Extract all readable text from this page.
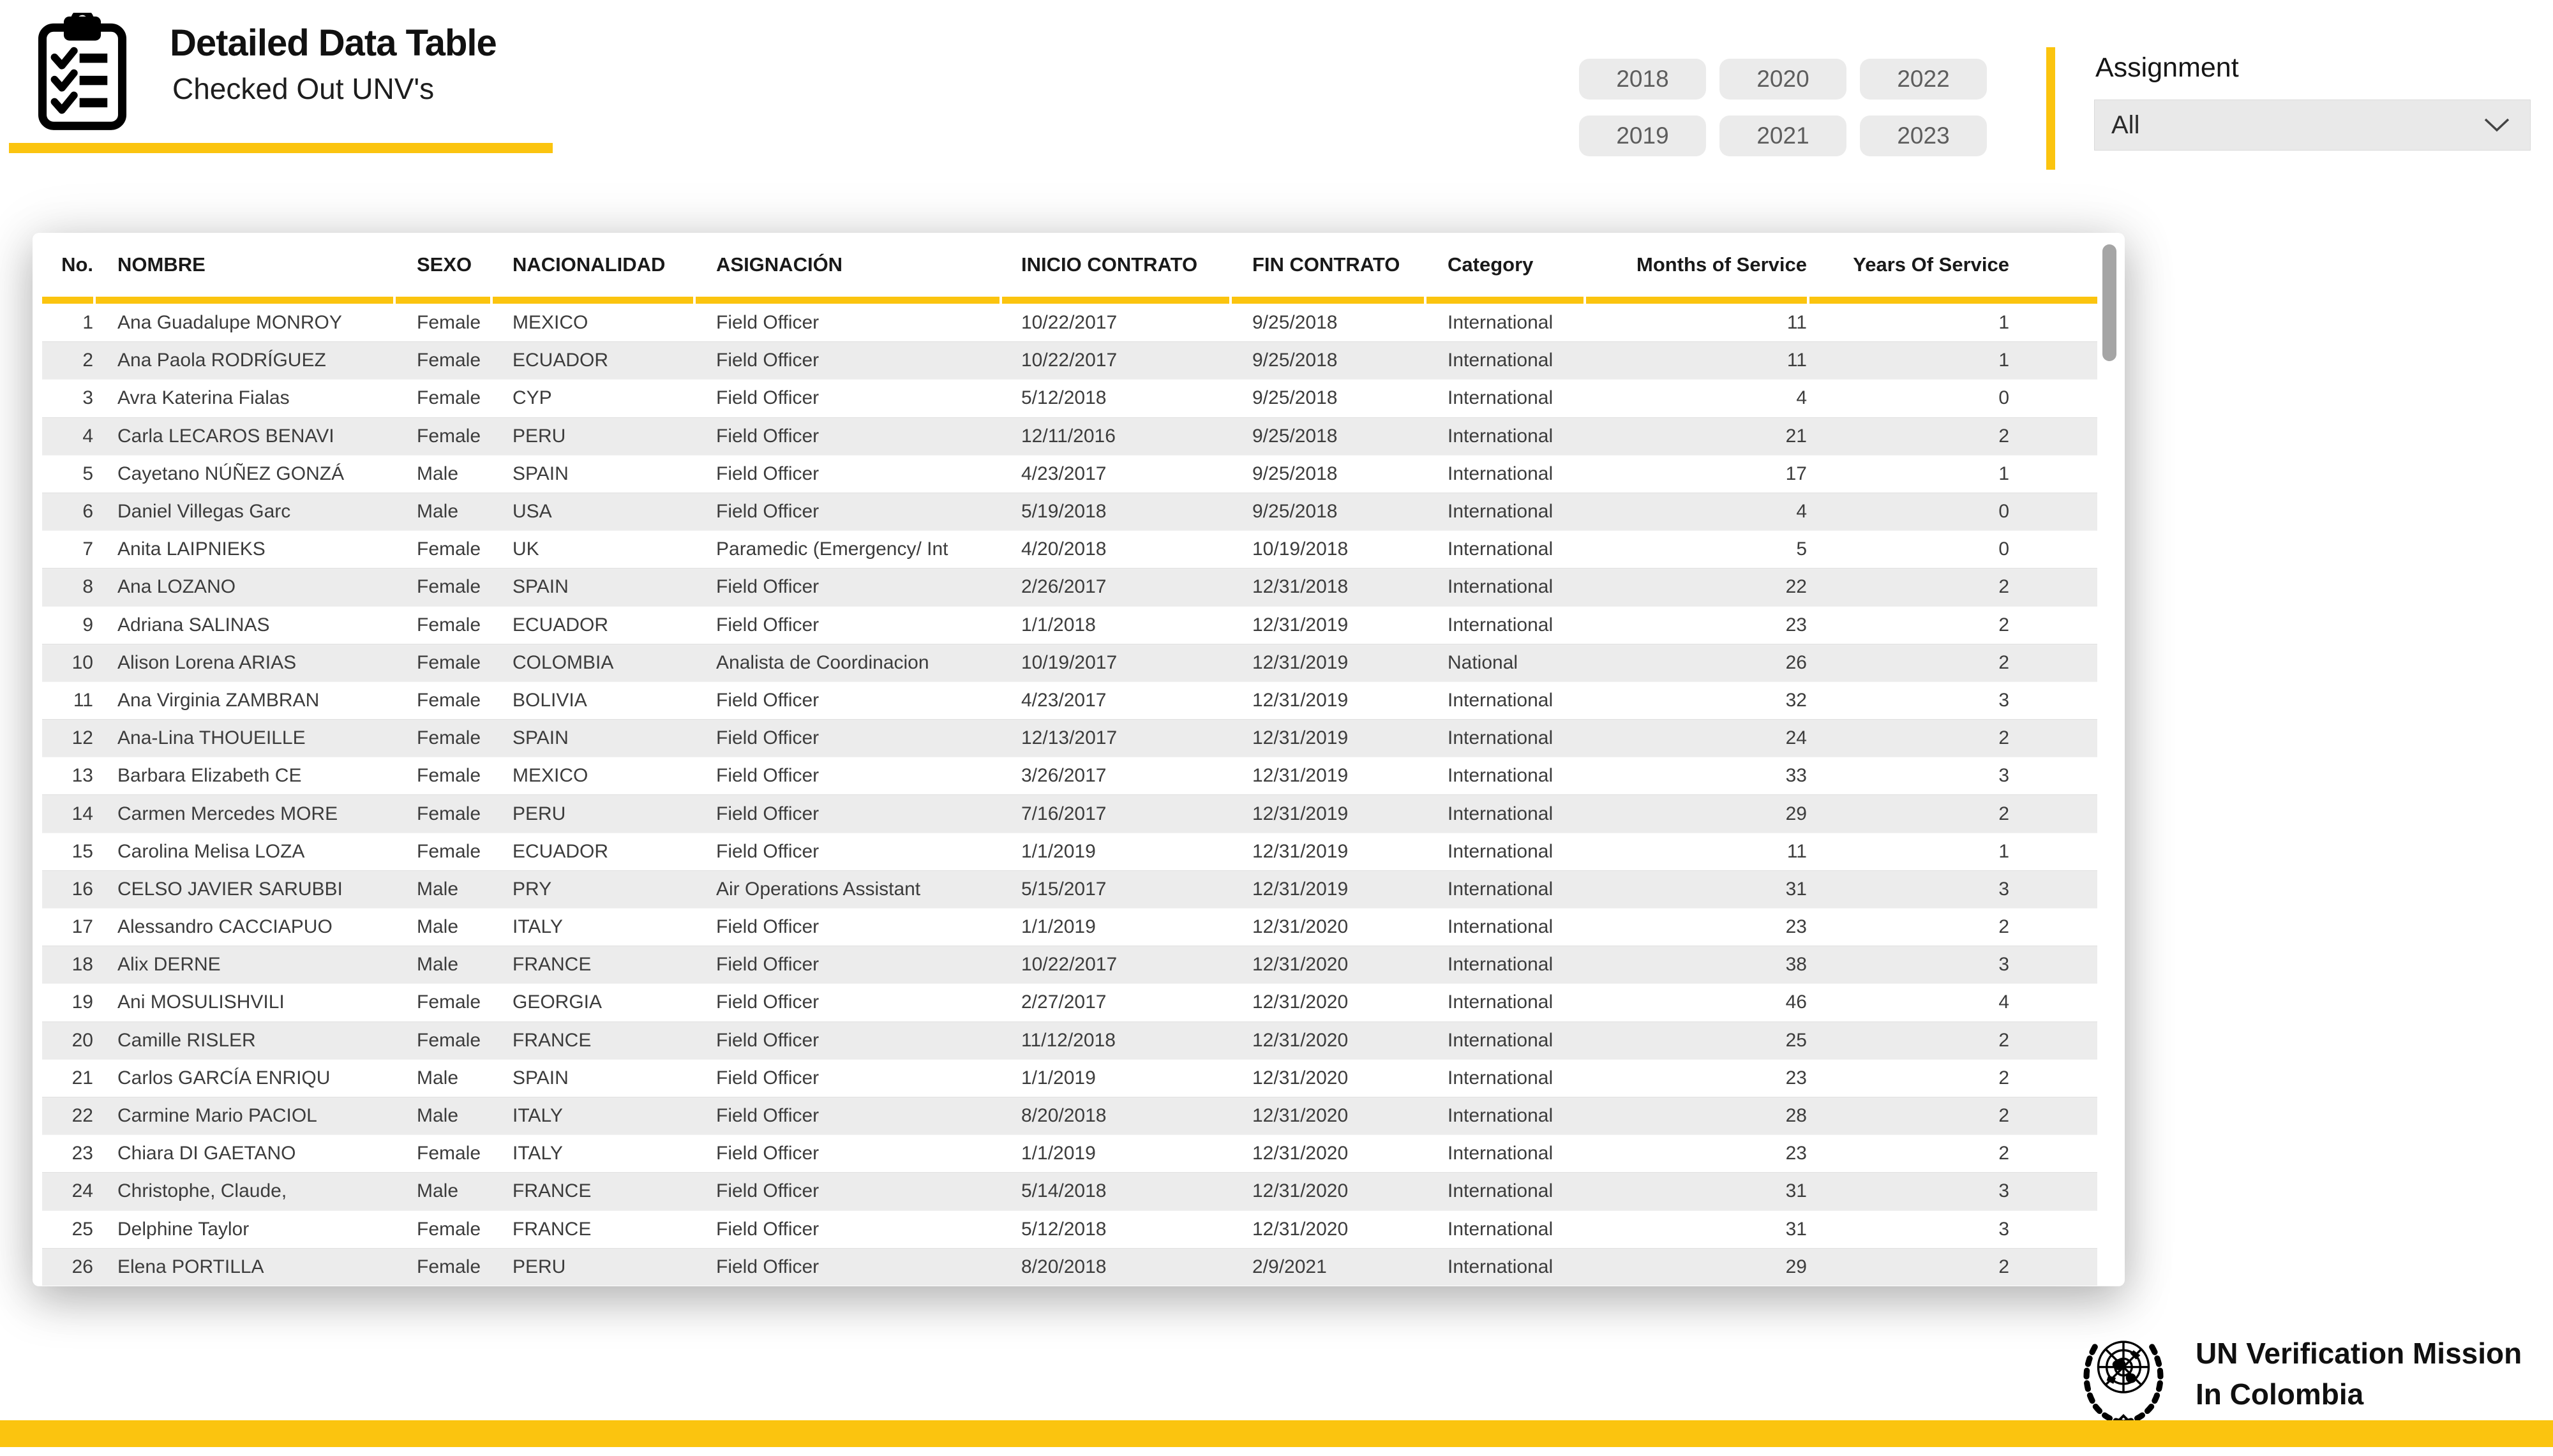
Detailed Data Table
Checked Out UNV's	2018	2020	2022
2019	2021	2023
Assignment
All
No.	NOMBRE	SEXO	NACIONALIDAD	ASIGNACIÓN	INICIO CONTRATO	FIN CONTRATO	Category	Months of Service	Years Of Service
1	Ana Guadalupe MONROY	Female	MEXICO	Field Officer	10/22/2017	9/25/2018	International	11	1
2	Ana Paola RODRÍGUEZ	Female	ECUADOR	Field Officer	10/22/2017	9/25/2018	International	11	1
3	Avra Katerina Fialas	Female	CYP	Field Officer	5/12/2018	9/25/2018	International	4	0
4	Carla LECAROS BENAVI	Female	PERU	Field Officer	12/11/2016	9/25/2018	International	21	2
5	Cayetano NÚÑEZ GONZÁ	Male	SPAIN	Field Officer	4/23/2017	9/25/2018	International	17	1
6	Daniel Villegas Garc	Male	USA	Field Officer	5/19/2018	9/25/2018	International	4	0
7	Anita LAIPNIEKS	Female	UK	Paramedic (Emergency/ Int	4/20/2018	10/19/2018	International	5	0
8	Ana LOZANO	Female	SPAIN	Field Officer	2/26/2017	12/31/2018	International	22	2
9	Adriana SALINAS	Female	ECUADOR	Field Officer	1/1/2018	12/31/2019	International	23	2
10	Alison Lorena ARIAS	Female	COLOMBIA	Analista de Coordinacion	10/19/2017	12/31/2019	National	26	2
11	Ana Virginia ZAMBRAN	Female	BOLIVIA	Field Officer	4/23/2017	12/31/2019	International	32	3
12	Ana-Lina THOUEILLE	Female	SPAIN	Field Officer	12/13/2017	12/31/2019	International	24	2
13	Barbara Elizabeth CE	Female	MEXICO	Field Officer	3/26/2017	12/31/2019	International	33	3
14	Carmen Mercedes MORE	Female	PERU	Field Officer	7/16/2017	12/31/2019	International	29	2
15	Carolina Melisa LOZA	Female	ECUADOR	Field Officer	1/1/2019	12/31/2019	International	11	1
16	CELSO JAVIER SARUBBI	Male	PRY	Air Operations Assistant	5/15/2017	12/31/2019	International	31	3
17	Alessandro CACCIAPUO	Male	ITALY	Field Officer	1/1/2019	12/31/2020	International	23	2
18	Alix DERNE	Male	FRANCE	Field Officer	10/22/2017	12/31/2020	International	38	3
19	Ani MOSULISHVILI	Female	GEORGIA	Field Officer	2/27/2017	12/31/2020	International	46	4
20	Camille RISLER	Female	FRANCE	Field Officer	11/12/2018	12/31/2020	International	25	2
21	Carlos GARCÍA ENRIQU	Male	SPAIN	Field Officer	1/1/2019	12/31/2020	International	23	2
22	Carmine Mario PACIOL	Male	ITALY	Field Officer	8/20/2018	12/31/2020	International	28	2
23	Chiara DI GAETANO	Female	ITALY	Field Officer	1/1/2019	12/31/2020	International	23	2
24	Christophe, Claude,	Male	FRANCE	Field Officer	5/14/2018	12/31/2020	International	31	3
25	Delphine Taylor	Female	FRANCE	Field Officer	5/12/2018	12/31/2020	International	31	3
26	Elena PORTILLA	Female	PERU	Field Officer	8/20/2018	2/9/2021	International	29	2
UN Verification Mission
In Colombia
